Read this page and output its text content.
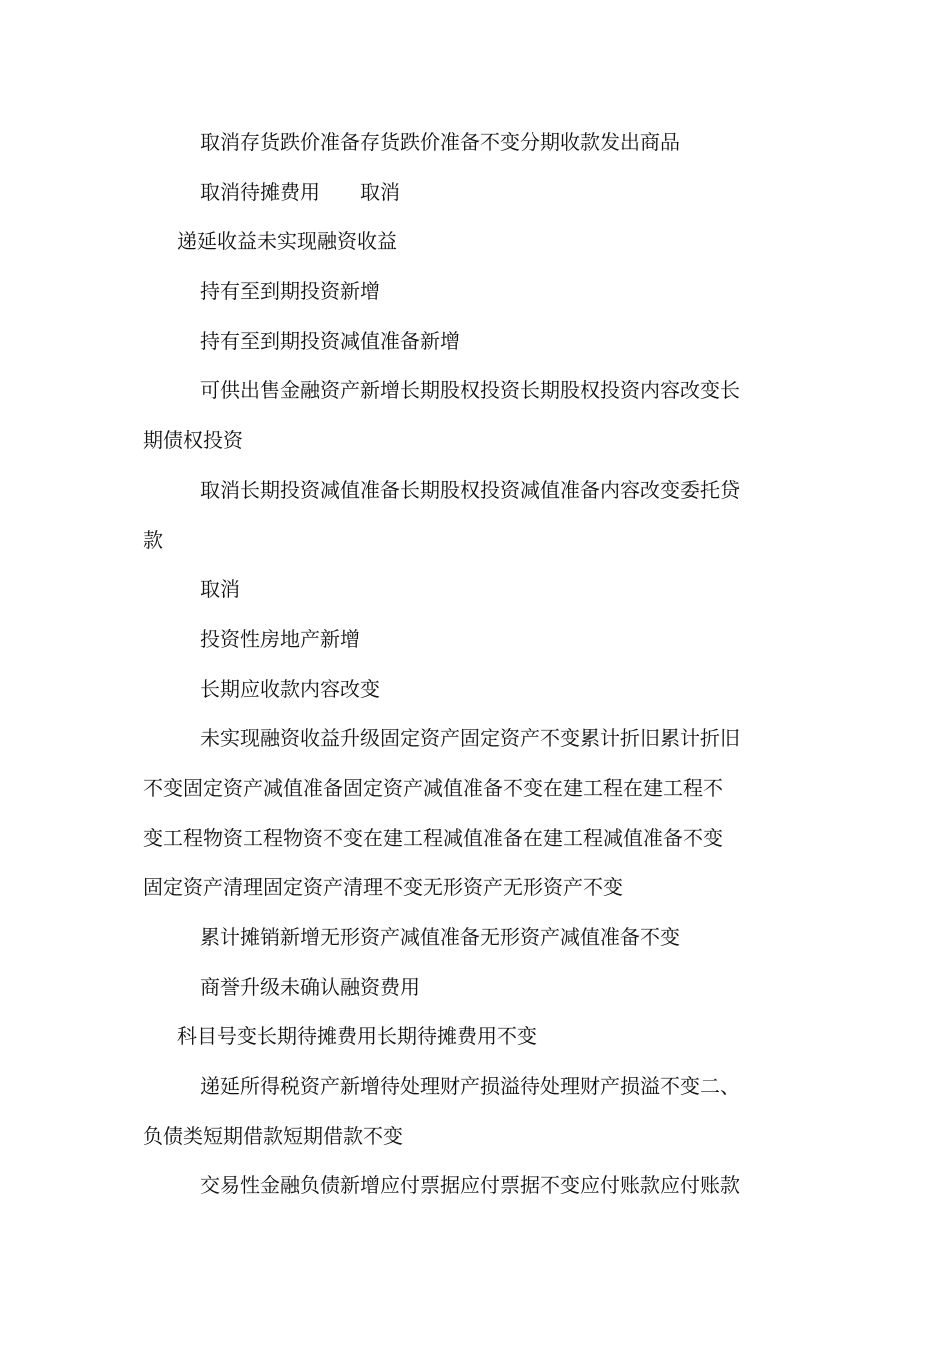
取消存货跌价准备存货跌价准备不变分期收款发出商品

取消待摊费用　　取消

递延收益未实现融资收益

持有至到期投资新增

持有至到期投资减值准备新增

可供出售金融资产新增长期股权投资长期股权投资内容改变长

期债权投资

取消长期投资减值准备长期股权投资减值准备内容改变委托贷

款

取消

投资性房地产新增

长期应收款内容改变

未实现融资收益升级固定资产固定资产不变累计折旧累计折旧

不变固定资产减值准备固定资产减值准备不变在建工程在建工程不

变工程物资工程物资不变在建工程减值准备在建工程减值准备不变

固定资产清理固定资产清理不变无形资产无形资产不变

累计摊销新增无形资产减值准备无形资产减值准备不变

商誉升级未确认融资费用

科目号变长期待摊费用长期待摊费用不变

递延所得税资产新增待处理财产损溢待处理财产损溢不变二、

负债类短期借款短期借款不变

交易性金融负债新增应付票据应付票据不变应付账款应付账款
